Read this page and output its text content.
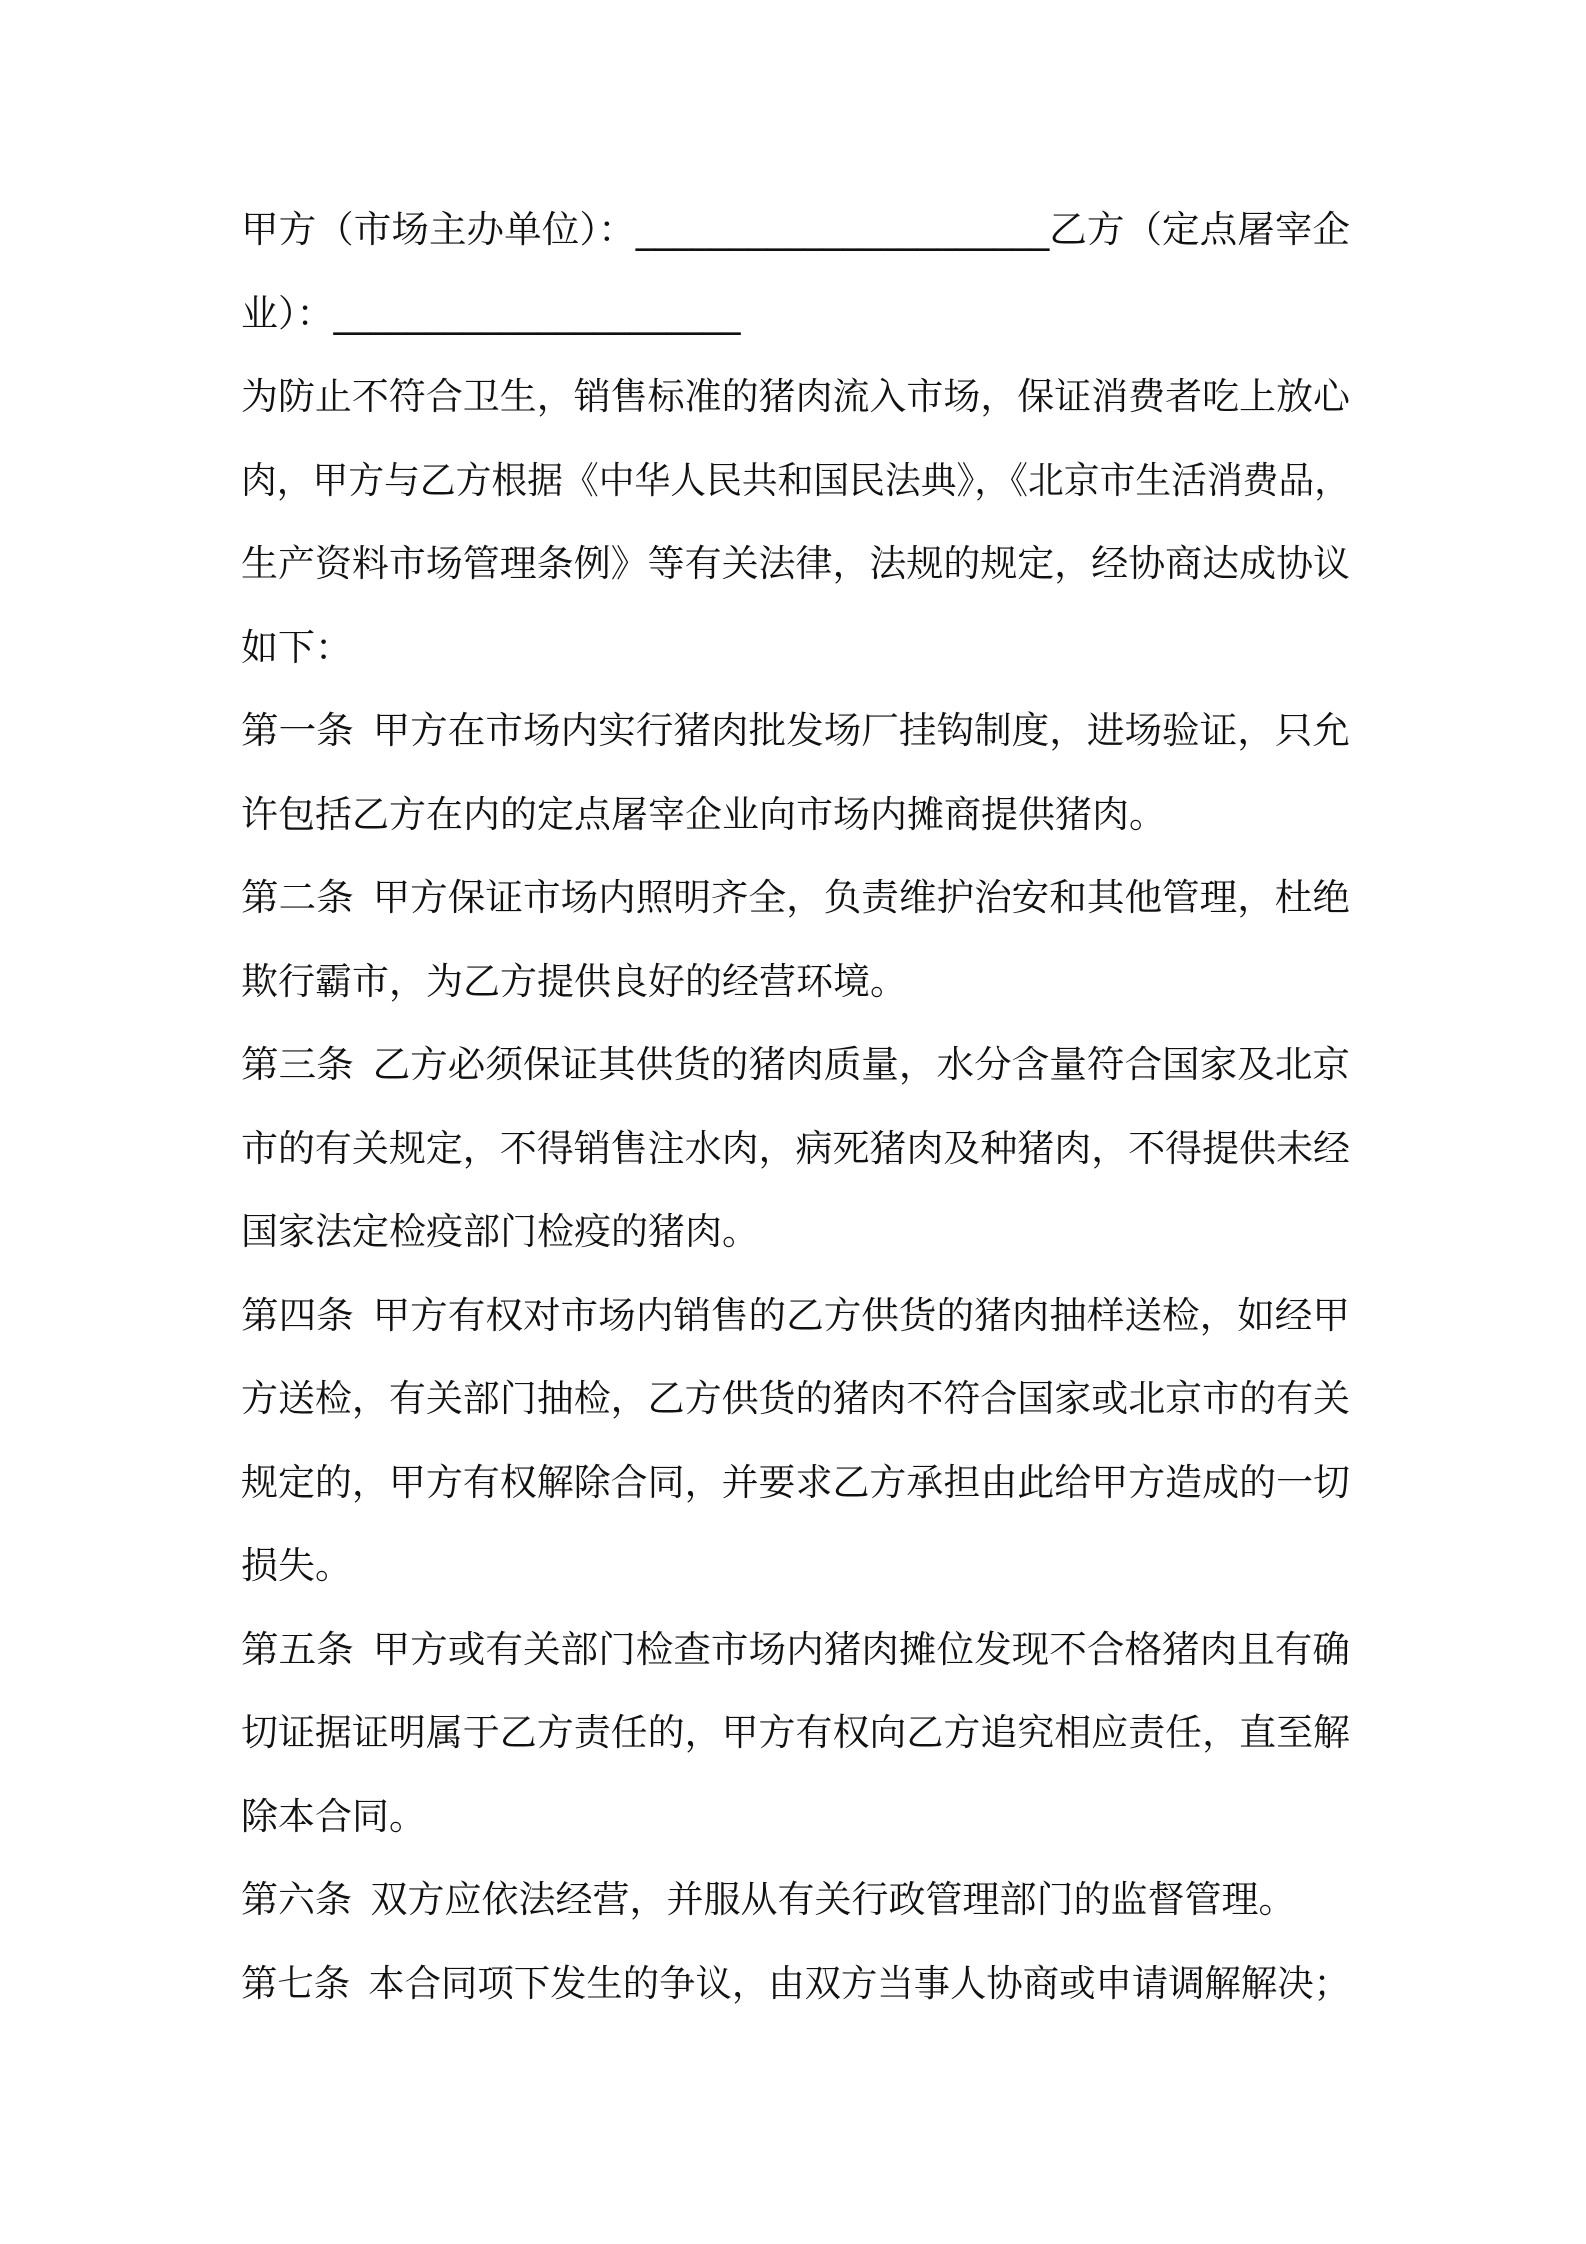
甲方（市场主办单位）：______________________乙方（定点屠宰企
业）：______________________
为防止不符合卫生，销售标准的猪肉流入市场，保证消费者吃上放心
肉，甲方与乙方根据《中华人民共和国民法典》，《北京市生活消费品，
生产资料市场管理条例》等有关法律，法规的规定，经协商达成协议
如下：
第一条 甲方在市场内实行猪肉批发场厂挂钩制度，进场验证，只允
许包括乙方在内的定点屠宰企业向市场内摊商提供猪肉。
第二条 甲方保证市场内照明齐全，负责维护治安和其他管理，杜绝
欺行霸市，为乙方提供良好的经营环境。
第三条 乙方必须保证其供货的猪肉质量，水分含量符合国家及北京
市的有关规定，不得销售注水肉，病死猪肉及种猪肉，不得提供未经
国家法定检疫部门检疫的猪肉。
第四条 甲方有权对市场内销售的乙方供货的猪肉抽样送检，如经甲
方送检，有关部门抽检，乙方供货的猪肉不符合国家或北京市的有关
规定的，甲方有权解除合同，并要求乙方承担由此给甲方造成的一切
损失。
第五条 甲方或有关部门检查市场内猪肉摊位发现不合格猪肉且有确
切证据证明属于乙方责任的，甲方有权向乙方追究相应责任，直至解
除本合同。
第六条 双方应依法经营，并服从有关行政管理部门的监督管理。
第七条 本合同项下发生的争议，由双方当事人协商或申请调解解决；
